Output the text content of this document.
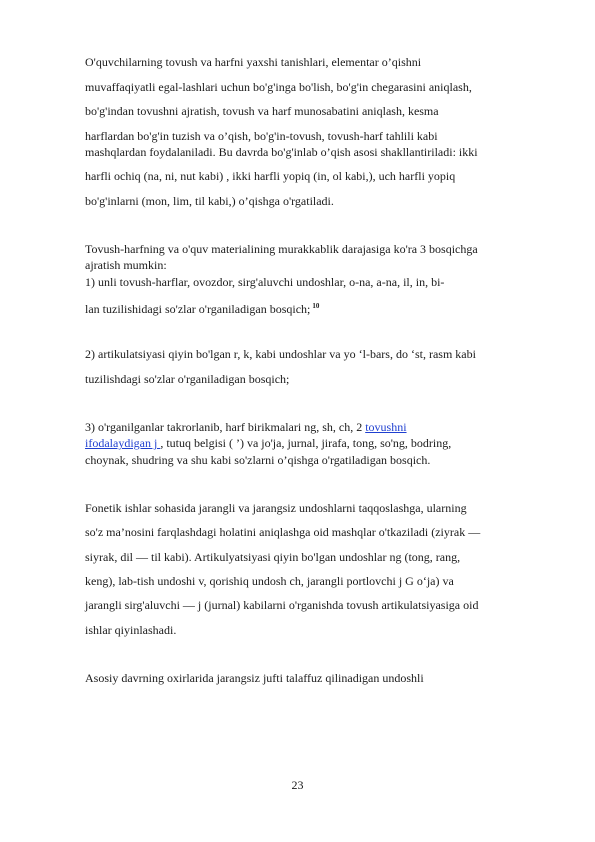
O'quvchilarning tovush va harfni yaxshi tanishlari, elementar o’qishni
muvaffaqiyatli egal-lashlari uchun bo'g'inga bo'lish, bo'g'in chegarasini aniqlash,
bo'g'indan tovushni ajratish, tovush va harf munosabatini aniqlash, kesma
harflardan bo'g'in tuzish va o’qish, bo'g'in-tovush, tovush-harf tahlili kabi
mashqlardan foydalaniladi. Bu davrda bo'g'inlab o’qish asosi shakllantiriladi: ikki
harfli ochiq (na, ni, nut kabi) , ikki harfli yopiq (in, ol kabi,), uch harfli yopiq
bo'g'inlarni (mon, lim, til kabi,) o’qishga o'rgatiladi.
Tovush-harfning va o'quv materialining murakkablik darajasiga ko'ra 3 bosqichga
ajratish mumkin:
1) unli tovush-harflar, ovozdor, sirg'aluvchi undoshlar, o-na, a-na, il, in, bi-
lan tuzilishidagi so'zlar o'rganiladigan bosqich; $^{10}$
2) artikulatsiyasi qiyin bo'lgan r, k, kabi undoshlar va yo ‘l-bars, do ‘st, rasm kabi
tuzilishdagi so'zlar o'rganiladigan bosqich;
3) o'rganilganlar takrorlanib, harf birikmalari ng, sh, ch, 2 tovushni
ifodalaydigan j , tutuq belgisi ( ’) va jo'ja, jurnal, jirafa, tong, so'ng, bodring,
choynak, shudring va shu kabi so'zlarni o’qishga o'rgatiladigan bosqich.
Fonetik ishlar sohasida jarangli va jarangsiz undoshlarni taqqoslashga, ularning
so'z ma’nosini farqlashdagi holatini aniqlashga oid mashqlar o'tkaziladi (ziyrak —
siyrak, dil — til kabi). Artikulyatsiyasi qiyin bo'lgan undoshlar ng (tong, rang,
keng), lab-tish undoshi v, qorishiq undosh ch, jarangli portlovchi j G o‘ja) va
jarangli sirg'aluvchi — j (jurnal) kabilarni o'rganishda tovush artikulatsiyasiga oid
ishlar qiyinlashadi.
Asosiy davrning oxirlarida jarangsiz jufti talaffuz qilinadigan undoshli
23
